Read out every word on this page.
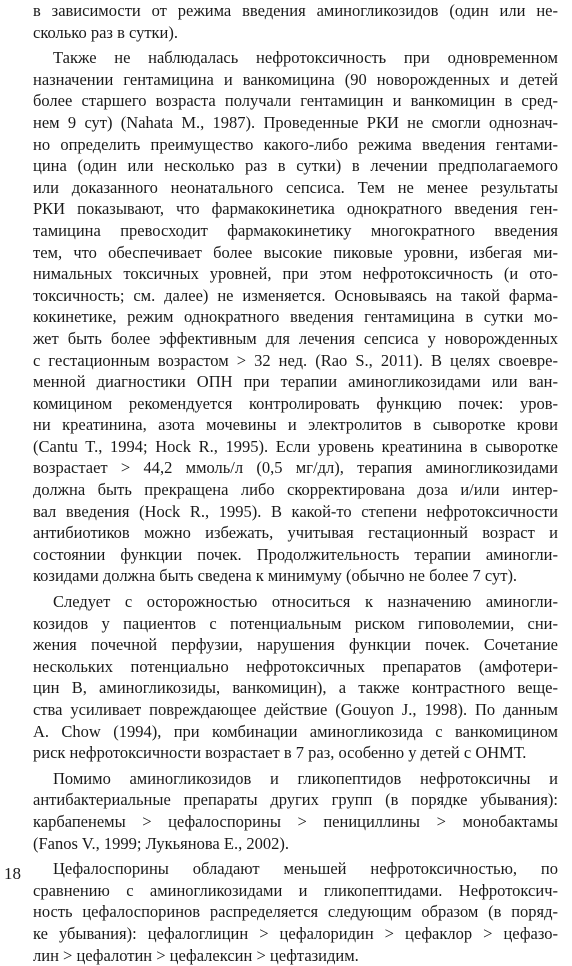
в зависимости от режима введения аминогликозидов (один или не-
сколько раз в сутки).
Также не наблюдалась нефротоксичность при одновременном
назначении гентамицина и ванкомицина (90 новорожденных и детей
более старшего возраста получали гентамицин и ванкомицин в сред-
нем 9 сут) (Nahata M., 1987). Проведенные РКИ не смогли однознач-
но определить преимущество какого-либо режима введения гентами-
цина (один или несколько раз в сутки) в лечении предполагаемого
или доказанного неонатального сепсиса. Тем не менее результаты
РКИ показывают, что фармакокинетика однократного введения ген-
тамицина превосходит фармакокинетику многократного введения
тем, что обеспечивает более высокие пиковые уровни, избегая ми-
нимальных токсичных уровней, при этом нефротоксичность (и ото-
токсичность; см. далее) не изменяется. Основываясь на такой фарма-
кокинетике, режим однократного введения гентамицина в сутки мо-
жет быть более эффективным для лечения сепсиса у новорожденных
с гестационным возрастом > 32 нед. (Rao S., 2011). В целях своевре-
менной диагностики ОПН при терапии аминогликозидами или ван-
комицином рекомендуется контролировать функцию почек: уров-
ни креатинина, азота мочевины и электролитов в сыворотке крови
(Cantu T., 1994; Hock R., 1995). Если уровень креатинина в сыворотке
возрастает > 44,2 ммоль/л (0,5 мг/дл), терапия аминогликозидами
должна быть прекращена либо скорректирована доза и/или интер-
вал введения (Hock R., 1995). В какой-то степени нефротоксичности
антибиотиков можно избежать, учитывая гестационный возраст и
состоянии функции почек. Продолжительность терапии аминогли-
козидами должна быть сведена к минимуму (обычно не более 7 сут).
Следует с осторожностью относиться к назначению аминогли-
козидов у пациентов с потенциальным риском гиповолемии, сни-
жения почечной перфузии, нарушения функции почек. Сочетание
нескольких потенциально нефротоксичных препаратов (амфотери-
цин В, аминогликозиды, ванкомицин), а также контрастного веще-
ства усиливает повреждающее действие (Gouyon J., 1998). По данным
A. Chow (1994), при комбинации аминогликозида с ванкомицином
риск нефротоксичности возрастает в 7 раз, особенно у детей с ОНМТ.
Помимо аминогликозидов и гликопептидов нефротоксичны и
антибактериальные препараты других групп (в порядке убывания):
карбапенемы > цефалоспорины > пенициллины > монобактамы
(Fanos V., 1999; Лукьянова Е., 2002).
Цефалоспорины обладают меньшей нефротоксичностью, по
сравнению с аминогликозидами и гликопептидами. Нефротоксич-
ность цефалоспоринов распределяется следующим образом (в поряд-
ке убывания): цефалоглицин > цефалоридин > цефаклор > цефазо-
лин > цефалотин > цефалексин > цефтазидим.
18
